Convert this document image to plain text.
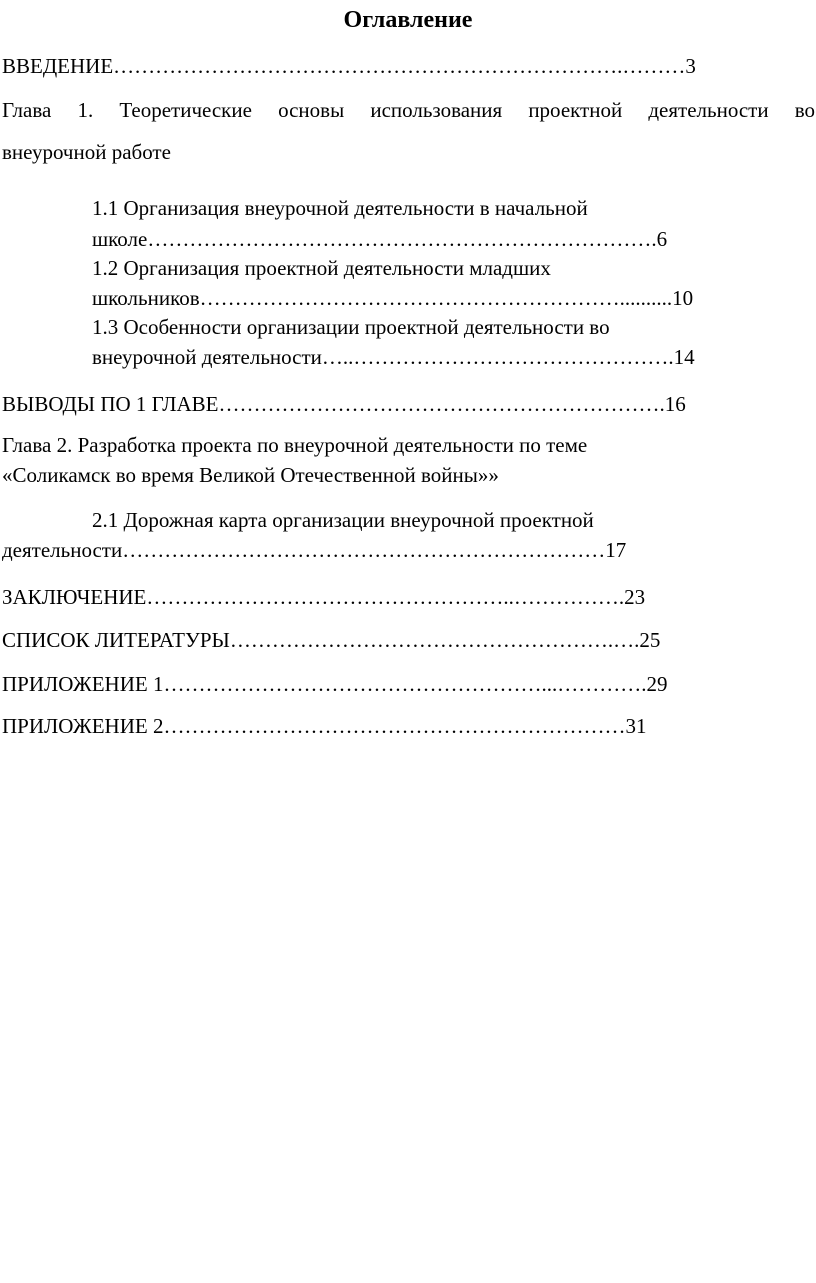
Оглавление
ВВЕДЕНИЕ……………………………………………………………….………3
Глава 1. Теоретические основы использования проектной деятельности во
внеурочной работе
1.1 Организация внеурочной деятельности в начальной
школе……………………………………………………………….6
1.2 Организация проектной деятельности младших
школьников……………………………………………………..........10
1.3 Особенности организации проектной деятельности во
внеурочной деятельности…..……………………………………….14
ВЫВОДЫ ПО 1 ГЛАВЕ……………………………………………………….16
Глава 2. Разработка проекта по внеурочной деятельности по теме
«Соликамск во время Великой Отечественной войны»»
2.1 Дорожная карта организации внеурочной проектной
деятельности……………………………………………………………17
ЗАКЛЮЧЕНИЕ……………………………………………..…………….23
СПИСОК ЛИТЕРАТУРЫ……………………………………………….….25
ПРИЛОЖЕНИЕ 1………………………………………………...………….29
ПРИЛОЖЕНИЕ 2…………………………………………………………31
